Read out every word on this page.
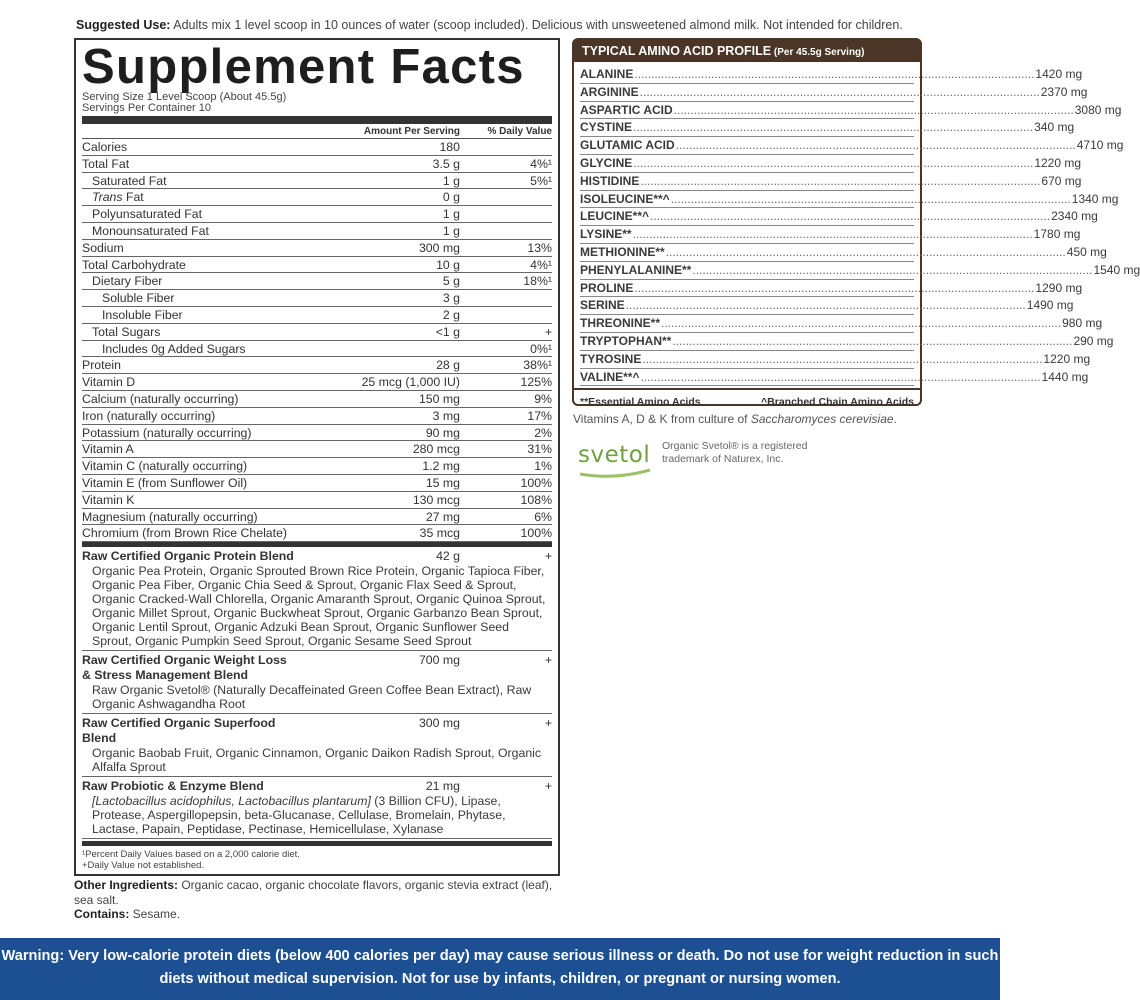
Suggested Use: Adults mix 1 level scoop in 10 ounces of water (scoop included). Delicious with unsweetened almond milk. Not intended for children.
Supplement Facts
Serving Size 1 Level Scoop (About 45.5g)
Servings Per Container 10
Amount Per Serving	% Daily Value
Calories	180
Total Fat	3.5 g	4%¹
Saturated Fat	1 g	5%¹
Trans Fat	0 g
Polyunsaturated Fat	1 g
Monounsaturated Fat	1 g
Sodium	300 mg	13%
Total Carbohydrate	10 g	4%¹
Dietary Fiber	5 g	18%¹
Soluble Fiber	3 g
Insoluble Fiber	2 g
Total Sugars	<1 g	+
Includes 0g Added Sugars	0%¹
Protein	28 g	38%¹
Vitamin D	25 mcg (1,000 IU)	125%
Calcium (naturally occurring)	150 mg	9%
Iron (naturally occurring)	3 mg	17%
Potassium (naturally occurring)	90 mg	2%
Vitamin A	280 mcg	31%
Vitamin C (naturally occurring)	1.2 mg	1%
Vitamin E (from Sunflower Oil)	15 mg	100%
Vitamin K	130 mcg	108%
Magnesium (naturally occurring)	27 mg	6%
Chromium (from Brown Rice Chelate)	35 mcg	100%
Raw Certified Organic Protein Blend	42 g	+
Organic Pea Protein, Organic Sprouted Brown Rice Protein, Organic Tapioca Fiber, Organic Pea Fiber, Organic Chia Seed & Sprout, Organic Flax Seed & Sprout, Organic Cracked-Wall Chlorella, Organic Amaranth Sprout, Organic Quinoa Sprout, Organic Millet Sprout, Organic Buckwheat Sprout, Organic Garbanzo Bean Sprout, Organic Lentil Sprout, Organic Adzuki Bean Sprout, Organic Sunflower Seed Sprout, Organic Pumpkin Seed Sprout, Organic Sesame Seed Sprout
Raw Certified Organic Weight Loss & Stress Management Blend
700 mg	+
Raw Organic Svetol® (Naturally Decaffeinated Green Coffee Bean Extract), Raw Organic Ashwagandha Root
Raw Certified Organic Superfood Blend
300 mg	+
Organic Baobab Fruit, Organic Cinnamon, Organic Daikon Radish Sprout, Organic Alfalfa Sprout
Raw Probiotic & Enzyme Blend	21 mg	+
[Lactobacillus acidophilus, Lactobacillus plantarum] (3 Billion CFU), Lipase, Protease, Aspergillopepsin, beta-Glucanase, Cellulase, Bromelain, Phytase, Lactase, Papain, Peptidase, Pectinase, Hemicellulase, Xylanase
¹Percent Daily Values based on a 2,000 calorie diet.
+Daily Value not established.
Other Ingredients: Organic cacao, organic chocolate flavors, organic stevia extract (leaf), sea salt.
Contains: Sesame.
TYPICAL AMINO ACID PROFILE (Per 45.5g Serving)
ALANINE ........................................................................................................................ 1420 mg
ARGININE ........................................................................................................................ 2370 mg
ASPARTIC ACID ........................................................................................................................ 3080 mg
CYSTINE ........................................................................................................................ 340 mg
GLUTAMIC ACID ........................................................................................................................ 4710 mg
GLYCINE ........................................................................................................................ 1220 mg
HISTIDINE ........................................................................................................................ 670 mg
ISOLEUCINE**^ ........................................................................................................................ 1340 mg
LEUCINE**^ ........................................................................................................................ 2340 mg
LYSINE** ........................................................................................................................ 1780 mg
METHIONINE** ........................................................................................................................ 450 mg
PHENYLALANINE** ........................................................................................................................ 1540 mg
PROLINE ........................................................................................................................ 1290 mg
SERINE ........................................................................................................................ 1490 mg
THREONINE** ........................................................................................................................ 980 mg
TRYPTOPHAN** ........................................................................................................................ 290 mg
TYROSINE ........................................................................................................................ 1220 mg
VALINE**^ ........................................................................................................................ 1440 mg
**Essential Amino Acids	^Branched Chain Amino Acids
Vitamins A, D & K from culture of Saccharomyces cerevisiae.
svetol Organic Svetol® is a registered trademark of Naturex, Inc.
Warning: Very low-calorie protein diets (below 400 calories per day) may cause serious illness or death. Do not use for weight reduction in such diets without medical supervision. Not for use by infants, children, or pregnant or nursing women.
